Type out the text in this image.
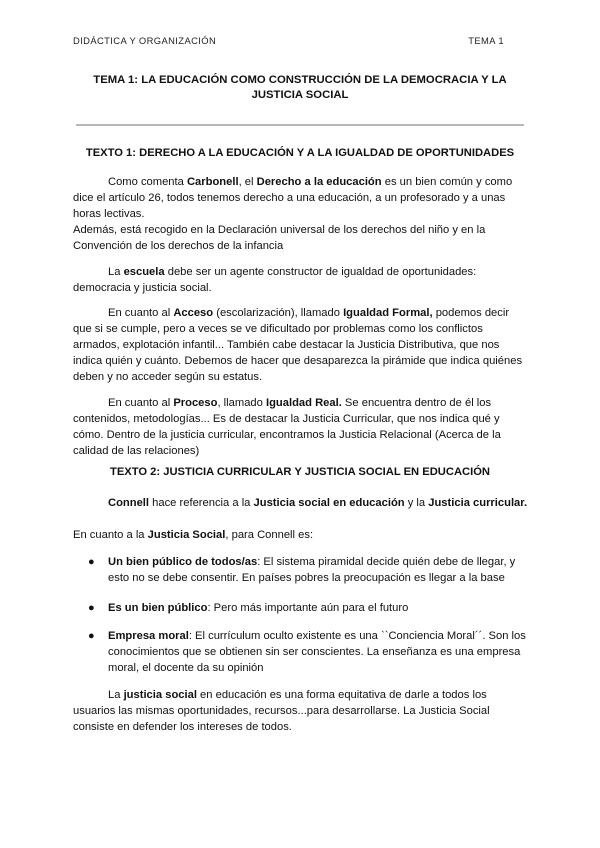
DIDÁCTICA Y ORGANIZACIÓN	TEMA 1
TEMA 1: LA EDUCACIÓN COMO CONSTRUCCIÓN DE LA DEMOCRACIA Y LA JUSTICIA SOCIAL
TEXTO 1: DERECHO A LA EDUCACIÓN Y A LA IGUALDAD DE OPORTUNIDADES

Como comenta Carbonell, el Derecho a la educación es un bien común y como dice el artículo 26, todos tenemos derecho a una educación, a un profesorado y a unas horas lectivas.

Además, está recogido en la Declaración universal de los derechos del niño y en la Convención de los derechos de la infancia

La escuela debe ser un agente constructor de igualdad de oportunidades: democracia y justicia social.

En cuanto al Acceso (escolarización), llamado Igualdad Formal, podemos decir que si se cumple, pero a veces se ve dificultado por problemas como los conflictos armados, explotación infantil... También cabe destacar la Justicia Distributiva, que nos indica quién y cuánto. Debemos de hacer que desaparezca la pirámide que indica quiénes deben y no acceder según su estatus.

En cuanto al Proceso, llamado Igualdad Real. Se encuentra dentro de él los contenidos, metodologías... Es de destacar la Justicia Curricular, que nos indica qué y cómo. Dentro de la justicia curricular, encontramos la Justicia Relacional (Acerca de la calidad de las relaciones)

TEXTO 2: JUSTICIA CURRICULAR Y JUSTICIA SOCIAL EN EDUCACIÓN

Connell hace referencia a la Justicia social en educación y la Justicia curricular.

En cuanto a la Justicia Social, para Connell es:

● Un bien público de todos/as: El sistema piramidal decide quién debe de llegar, y esto no se debe consentir. En países pobres la preocupación es llegar a la base
● Es un bien público: Pero más importante aún para el futuro
● Empresa moral: El currículum oculto existente es una ``Conciencia Moral´´. Son los conocimientos que se obtienen sin ser conscientes. La enseñanza es una empresa moral, el docente da su opinión

La justicia social en educación es una forma equitativa de darle a todos los usuarios las mismas oportunidades, recursos...para desarrollarse. La Justicia Social consiste en defender los intereses de todos.
